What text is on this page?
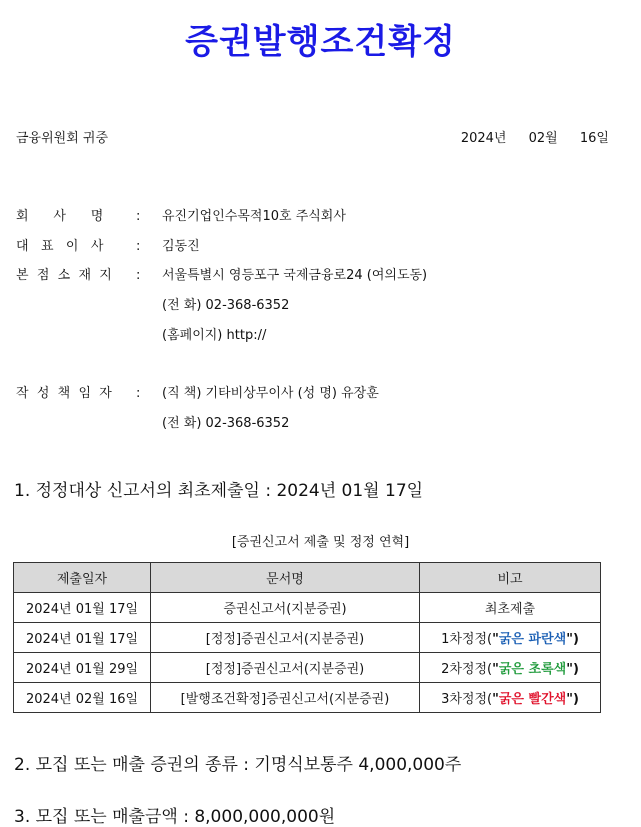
증권발행조건확정
금융위원회 귀중	2024년 02월 16일
회      사      명	: 유진기업인수목적10호 주식회사
대   표   이   사	: 김동진
본  점  소  재  지 : 서울특별시 영등포구 국제금융로24 (여의도동)
(전 화) 02-368-6352
(홈페이지) http://
작  성  책  임  자 : (직 책) 기타비상무이사 (성 명) 유장훈
(전 화) 02-368-6352
1. 정정대상 신고서의 최초제출일 : 2024년 01월 17일
[증권신고서 제출 및 정정 연혁]
제출일자	문서명	비고
2024년 01월 17일	증권신고서(지분증권)	최초제출
2024년 01월 17일	[정정]증권신고서(지분증권)	1차정정("굵은 파란색")
2024년 01월 29일	[정정]증권신고서(지분증권)	2차정정("굵은 초록색")
2024년 02월 16일	[발행조건확정]증권신고서(지분증권)	3차정정("굵은 빨간색")
2. 모집 또는 매출 증권의 종류 : 기명식보통주 4,000,000주
3. 모집 또는 매출금액 : 8,000,000,000원
